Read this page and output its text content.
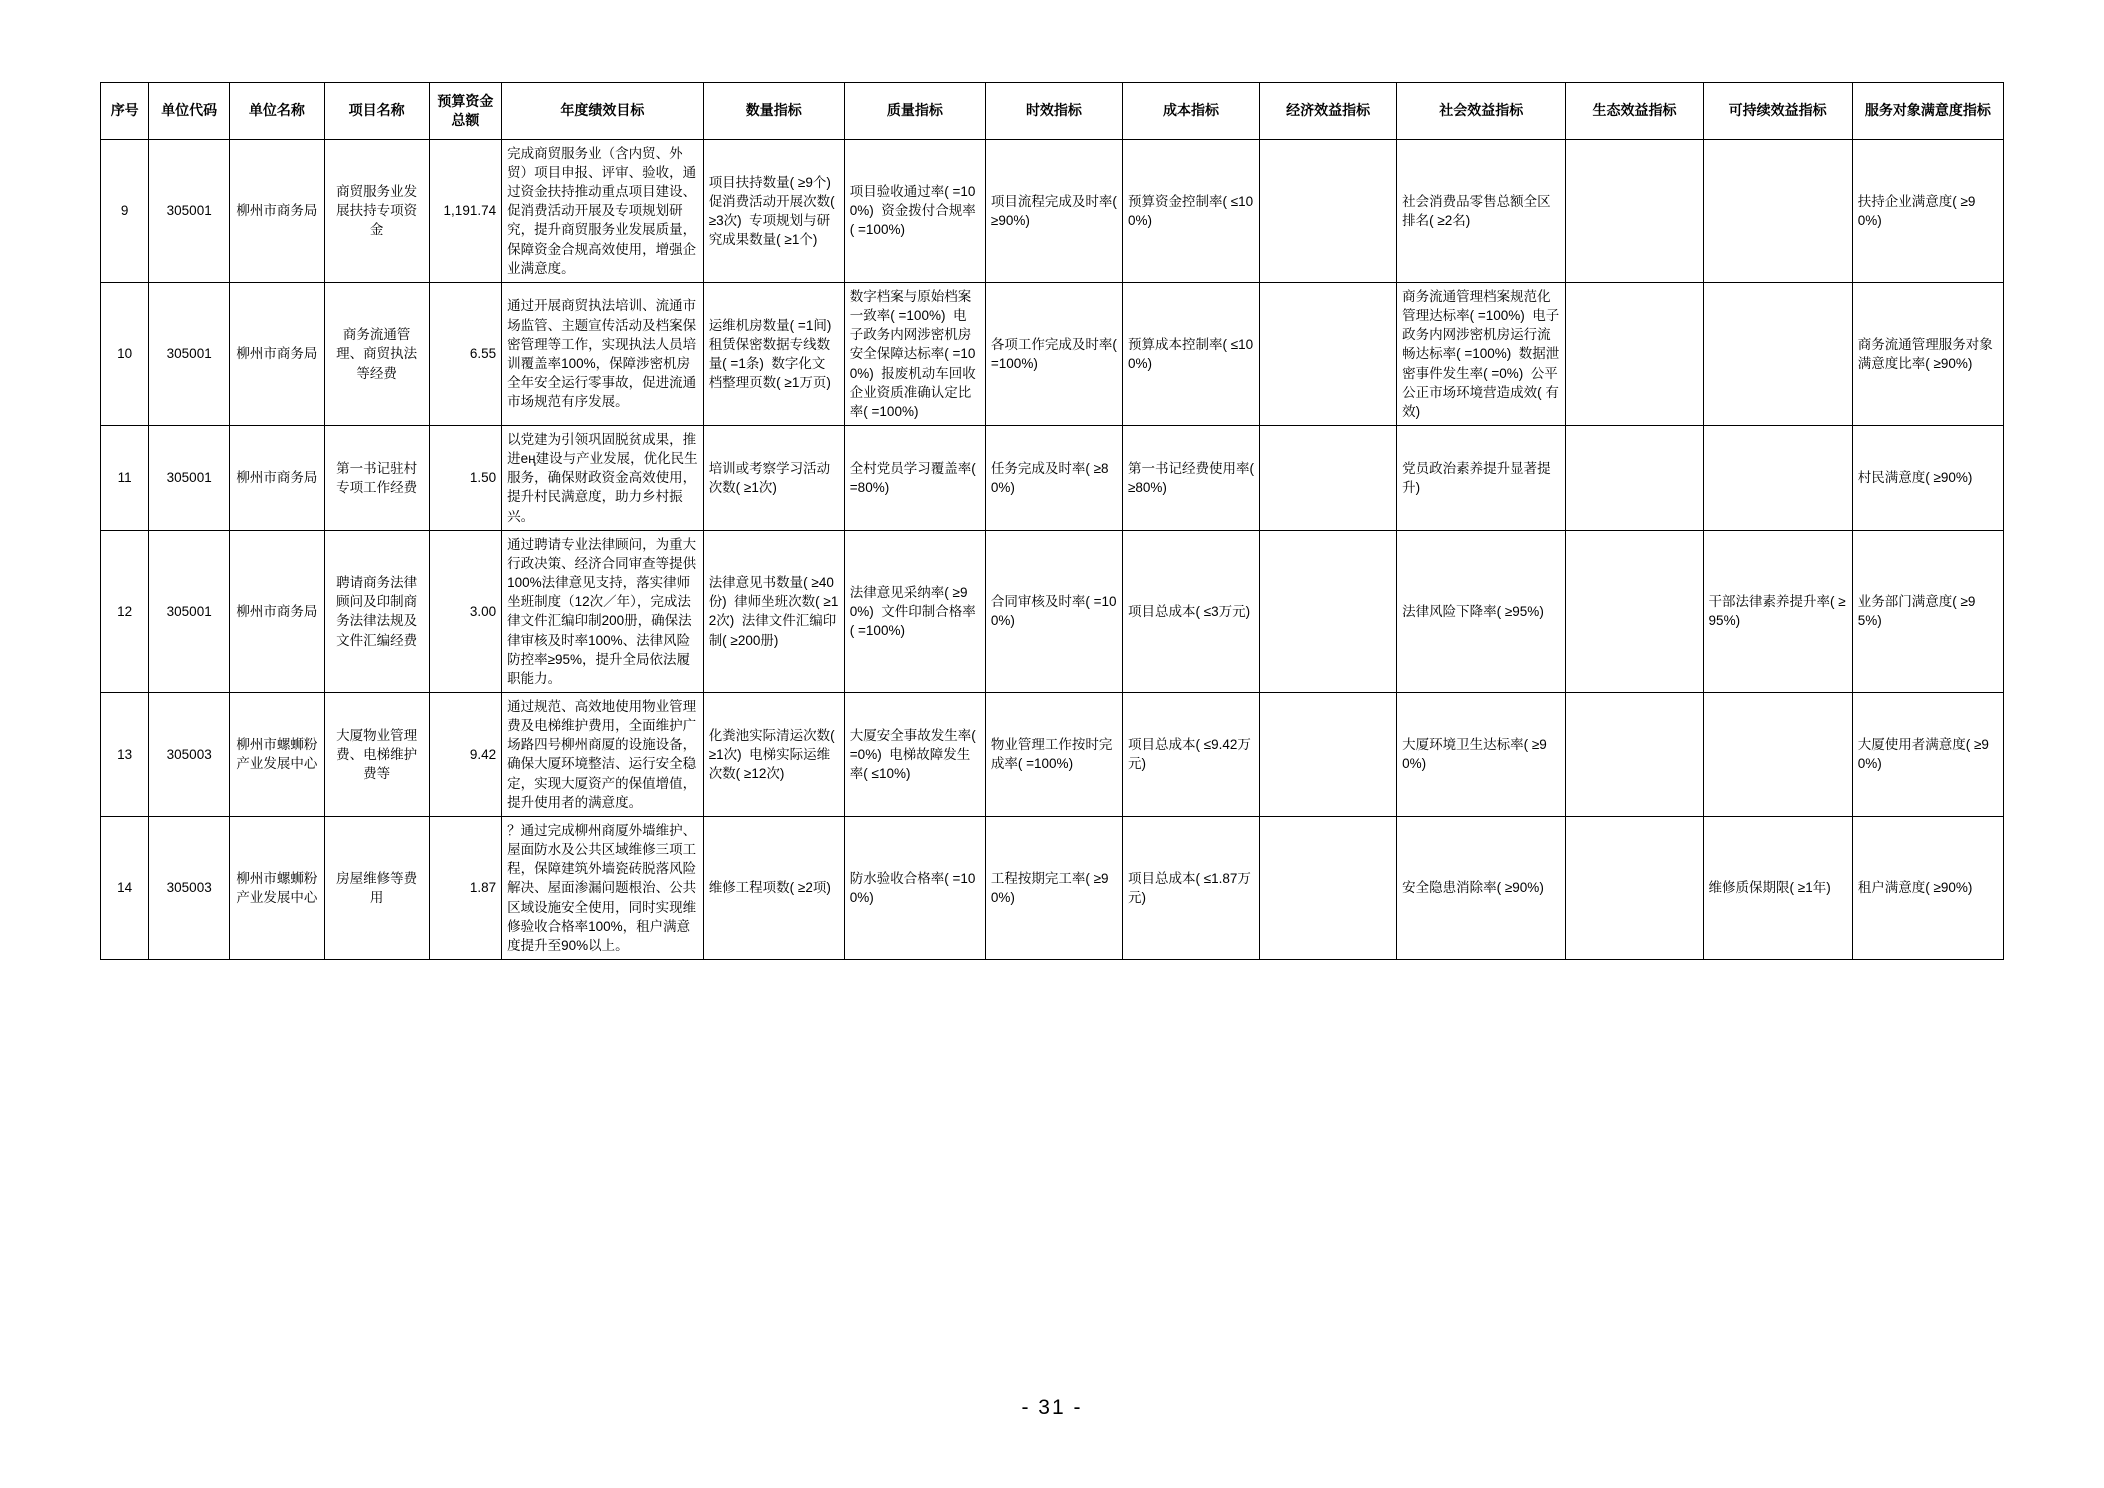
序号	单位代码	单位名称	项目名称	预算资金总额	年度绩效目标	数量指标	质量指标	时效指标	成本指标	经济效益指标	社会效益指标	生态效益指标	可持续效益指标	服务对象满意度指标
9	305001	柳州市商务局	商贸服务业发展扶持专项资金	1,191.74	完成商贸服务业（含内贸、外贸）项目申报、评审、验收，通过资金扶持推动重点项目建设、促消费活动开展及专项规划研究，提升商贸服务业发展质量，保障资金合规高效使用，增强企业满意度。	项目扶持数量( ≥9个)  促消费活动开展次数( ≥3次)  专项规划与研究成果数量( ≥1个)	项目验收通过率( =100%)  资金拨付合规率( =100%)	项目流程完成及时率( ≥90%)	预算资金控制率( ≤100%)		社会消费品零售总额全区排名( ≥2名)			扶持企业满意度( ≥90%)
10	305001	柳州市商务局	商务流通管理、商贸执法等经费	6.55	通过开展商贸执法培训、流通市场监管、主题宣传活动及档案保密管理等工作，实现执法人员培训覆盖率100%，保障涉密机房全年安全运行零事故，促进流通市场规范有序发展。	运维机房数量( =1间)  租赁保密数据专线数量( =1条)  数字化文档整理页数( ≥1万页)	数字档案与原始档案一致率( =100%)  电子政务内网涉密机房安全保障达标率( =100%)  报废机动车回收企业资质准确认定比率( =100%)	各项工作完成及时率( =100%)	预算成本控制率( ≤100%)		商务流通管理档案规范化管理达标率( =100%)  电子政务内网涉密机房运行流畅达标率( =100%)  数据泄密事件发生率( =0%)  公平公正市场环境营造成效( 有效)			商务流通管理服务对象满意度比率( ≥90%)
11	305001	柳州市商务局	第一书记驻村专项工作经费	1.50	以党建为引领巩固脱贫成果，推进ең建设与产业发展，优化民生服务，确保财政资金高效使用，提升村民满意度，助力乡村振兴。	培训或考察学习活动次数( ≥1次)	全村党员学习覆盖率( =80%)	任务完成及时率( ≥80%)	第一书记经费使用率( ≥80%)		党员政治素养提升显著提升)			村民满意度( ≥90%)
12	305001	柳州市商务局	聘请商务法律顾问及印制商务法律法规及文件汇编经费	3.00	通过聘请专业法律顾问，为重大行政决策、经济合同审查等提供100%法律意见支持，落实律师坐班制度（12次／年），完成法律文件汇编印制200册，确保法律审核及时率100%、法律风险防控率≥95%，提升全局依法履职能力。	法律意见书数量( ≥40份)  律师坐班次数( ≥12次)  法律文件汇编印制( ≥200册)	法律意见采纳率( ≥90%)  文件印制合格率( =100%)	合同审核及时率( =100%)	项目总成本( ≤3万元)		法律风险下降率( ≥95%)		干部法律素养提升率( ≥95%)	业务部门满意度( ≥95%)
13	305003	柳州市螺蛳粉产业发展中心	大厦物业管理费、电梯维护费等	9.42	通过规范、高效地使用物业管理费及电梯维护费用，全面维护广场路四号柳州商厦的设施设备，确保大厦环境整洁、运行安全稳定，实现大厦资产的保值增值，提升使用者的满意度。	化粪池实际清运次数( ≥1次)  电梯实际运维次数( ≥12次)	大厦安全事故发生率( =0%)  电梯故障发生率( ≤10%)	物业管理工作按时完成率( =100%)	项目总成本( ≤9.42万元)		大厦环境卫生达标率( ≥90%)			大厦使用者满意度( ≥90%)
14	305003	柳州市螺蛳粉产业发展中心	房屋维修等费用	1.87	？通过完成柳州商厦外墙维护、屋面防水及公共区域维修三项工程，保障建筑外墙瓷砖脱落风险解决、屋面渗漏问题根治、公共区域设施安全使用，同时实现维修验收合格率100%，租户满意度提升至90%以上。	维修工程项数( ≥2项)	防水验收合格率( =100%)	工程按期完工率( ≥90%)	项目总成本( ≤1.87万元)		安全隐患消除率( ≥90%)		维修质保期限( ≥1年)	租户满意度( ≥90%)
- 31 -
